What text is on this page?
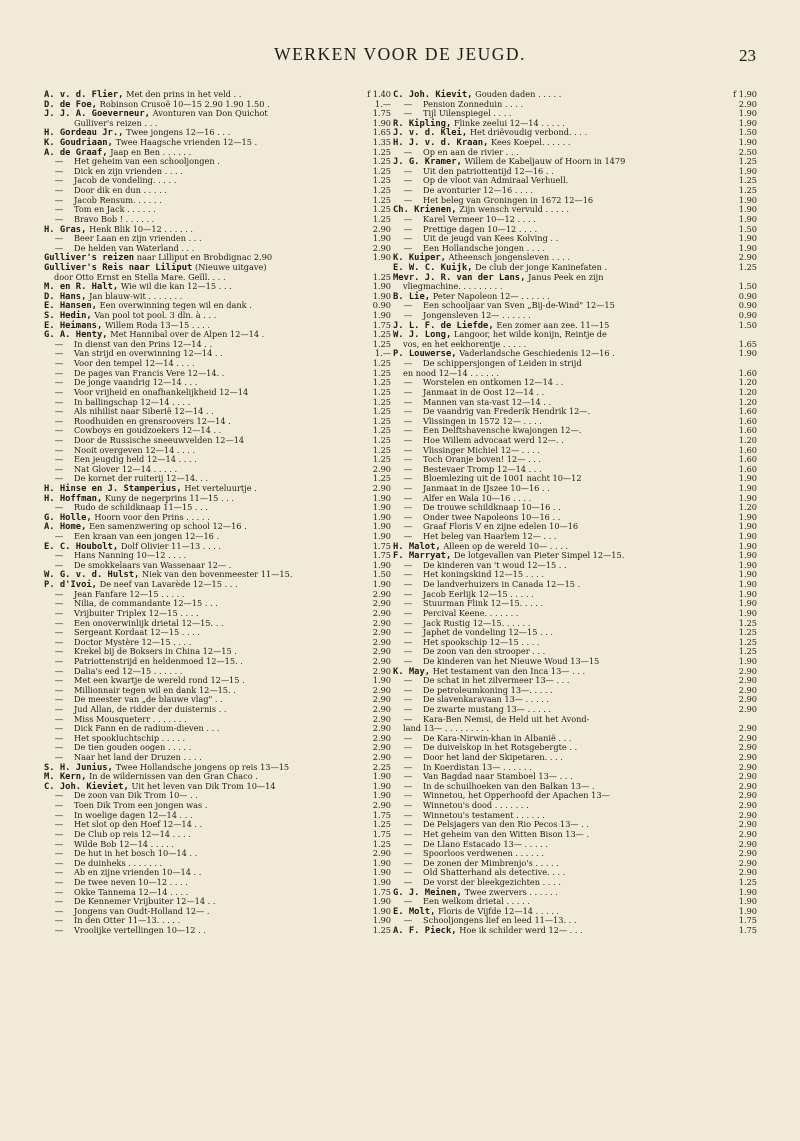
WERKEN VOOR DE JEUGD.	23
A. v. d. Flier, Met den prins in het veld . .	f 1.40
D. de Foe, Robinson Crusoë 10—15 2.90 1.90 1.50 .	1.—
J. J. A. Goeverneur, Avonturen van Don Quichot	1.75
Gulliver's reizen . . .	1.90
H. Gordeau Jr., Twee jongens 12—16 . . .	1.65
K. Goudriaan, Twee Haagsche vrienden 12—15 .	1.35
A. de Graaf, Jaap en Ben . . . . . .	1.25
— Het geheim van een schooljongen .	1.25
— Dick en zijn vrienden . . . .	1.25
— Jacob de vondeling. . . . .	1.25
— Door dik en dun . . . . .	1.25
— Jacob Rensum. . . . . .	1.25
— Tom en Jack . . . . . .	1.25
— Bravo Bob ! . . . . . .	1.25
H. Gras, Henk Blik 10—12 . . . . . .	2.90
— Beer Laan en zijn vrienden . . .	1.90
— De helden van Waterland . . .	2.90
Gulliver's reizen naar Lilliput en Brobdignac 2.90	1.90
Gulliver's Reis naar Liliput (Nieuwe uitgave)
door Otto Ernst en Stella Mare. Geïll. . . .	1.25
M. en R. Halt, Wie wil die kan 12—15 . . .	1.90
D. Hans, Jan blauw-wit . . . . . . .	1.90
E. Hansen, Een overwinning tegen wil en dank .	0.90
S. Hedin, Van pool tot pool. 3 dln. à . . .	1.90
E. Heimans, Willem Roda 13—15 . . . .	1.75
G. A. Henty, Met Hannibal over de Alpen 12—14 .	1.25
— In dienst van den Prins 12—14 . .	1.25
— Van strijd en overwinning 12—14 . .	1.—
— Voor den tempel 12—14 . . . .	1.25
— De pages van Francis Vere 12—14. .	1.25
— De jonge vaandrig 12—14 . . .	1.25
— Voor vrijheid en onafhankelijkheid 12—14	1.25
— In ballingschap 12—14 . . . .	1.25
— Als nihilist naar Siberië 12—14 . .	1.25
— Roodhuiden en grensroovers 12—14 .	1.25
— Cowboys en goudzoekers 12—14 . .	1.25
— Door de Russische sneeuwvelden 12—14	1.25
— Nooit overgeven 12—14 . . . .	1.25
— Een jeugdig held 12—14 . . . .	1.25
— Nat Glover 12—14 . . . . .	2.90
— De kornet der ruiterij 12—14. . .	1.25
H. Hinse en J. Stamperius, Het verteluurtje .	2.90
H. Hoffman, Kuny de negerprins 11—15 . . .	1.90
— Rudo de schildknaap 11—15 . . .	1.90
G. Holle, Hoorn voor den Prins . . . . .	1.90
A. Home, Een samenzwering op school 12—16 .	1.90
— Een kraan van een jongen 12—16 .	1.90
E. C. Houbolt, Dolf Olivier 11—13 . . . .	1.75
— Hans Nanning 10—12 . . . .	1.75
— De smokkelaars van Wassenaar 12— .	1.90
W. G. v. d. Hulst, Niek van den bovenmeester 11—15.	1.50
P. d'Ivoi, De neef van Lavarède 12—15 . . .	1.90
— Jean Fanfare 12—15 . . . . .	2.90
— Nilia, de commandante 12—15 . . .	2.90
— Vrijbuiter Triplex 12—15 . . . .	2.90
— Een onoverwinlijk drietal 12—15. . .	2.90
— Sergeant Kordaat 12—15 . . . .	2.90
— Doctor Mystère 12—15 . . . .	2.90
— Krekel bij de Boksers in China 12—15 .	2.90
— Patriottenstrijd en heldenmoed 12—15. .	2.90
— Dalia's eed 12—15 . . . . . .	2.90
— Met een kwartje de wereld rond 12—15 .	1.90
— Millionnair tegen wil en dank 12—15. .	2.90
— De meester van „de blauwe vlag" . .	2.90
— Jud Allan, de ridder der duisternis . .	2.90
— Miss Mousqueterr . . . . . . .	2.90
— Dick Fann en de radium-dieven . . .	2.90
— Het spookluchtschip . . . . .	2.90
— De tien gouden oogen . . . . .	2.90
— Naar het land der Druzen . . . .	2.90
S. H. Junius, Twee Hollandsche jongens op reis 13—15	2.25
M. Kern, In de wildernissen van den Gran Chaco .	1.90
C. Joh. Kieviet, Uit het leven van Dik Trom 10—14	1.90
— De zoon van Dik Trom 10— . .	1.90
— Toen Dik Trom een jongen was .	2.90
— In woelige dagen 12—14 . . .	1.75
— Het slot op den Hoef 12—14 . .	1.25
— De Club op reis 12—14 . . . .	1.75
— Wilde Bob 12—14 . . . . .	1.25
— De hut in het bosch 10—14 . .	2.90
— De duinheks . . . . . . .	1.90
— Ab en zijne vrienden 10—14 . .	1.90
— De twee neven 10—12 . . . .	1.90
— Okke Tannema 12—14 . . . .	1.75
— De Kennemer Vrijbuiter 12—14 . .	1.90
— Jongens van Oudt-Holland 12— .	1.90
— In den Otter 11—13. . . . .	1.90
— Vroolijke vertellingen 10—12 . .	1.25
C. Joh. Kievit, Gouden daden . . . . .	f 1.90
— Pension Zonneduin . . . .	2.90
— Tijl Uilenspiegel . . . .	1.90
R. Kipling, Flinke zeelui 12—14 . . . . .	1.90
J. v. d. Klei, Het driëvoudig verbond. . . .	1.50
H. J. v. d. Kraan, Kees Koepel. . . . . .	1.90
— Op en aan de rivier . . .	2.50
J. G. Kramer, Willem de Kabeljauw of Hoorn in 1479	1.25
— Uit den patriottentijd 12—16 . .	1.90
— Op de vloot van Admiraal Verhuell.	1.25
— De avonturier 12—16 . . . .	1.25
— Het beleg van Groningen in 1672 12—16	1.90
Ch. Krienen, Zijn wensch vervuld . . . . .	1.90
— Karel Vermeer 10—12 . . . .	1.90
— Prettige dagen 10—12 . . . .	1.50
— Uit de jeugd van Kees Kolving . .	1.90
— Een Hollandsche jongen . . . .	1.90
K. Kuiper, Atheensch jongensleven . . . .	2.90
E. W. C. Kuijk, De club der jonge Kaninefaten .	1.25
Mevr. J. R. van der Lans, Janus Peek en zijn
vliegmachine. . . . . . . . .	1.50
B. Lie, Peter Napoleon 12— . . . . . .	0.90
— Een schooljaar van Sven „Bij-de-Wind" 12—15	0.90
— Jongensleven 12— . . . . . .	0.90
J. L. F. de Liefde, Een zomer aan zee. 11—15	1.50
W. J. Long, Langoor, het wilde konijn, Reintje de
vos, en het eekhorentje . . . . .	1.65
P. Louwerse, Vaderlandsche Geschiedenis 12—16 .	1.90
— De schippersjongen of Leiden in strijd
en nood 12—14 . . . . . .	1.60
— Worstelen en ontkomen 12—14 . .	1.20
— Janmaat in de Oost 12—14 . .	1.20
— Mannen van sta-vast 12—14 . .	1.20
— De vaandrig van Frederik Hendrik 12—.	1.60
— Vlissingen in 1572 12— . . . .	1.60
— Een Delftshavensche kwajongen 12—.	1.60
— Hoe Willem advocaat werd 12—. .	1.20
— Vlissinger Michiel 12— . . . .	1.60
— Toch Oranje boven! 12— . . .	1.60
— Bestevaer Tromp 12—14 . . .	1.60
— Bloemlezing uit de 1001 nacht 10—12	1.90
— Janmaat in de IJszee 10—16 . .	1.90
— Alfer en Wala 10—16 . . . .	1.90
— De trouwe schildknaap 10—16 . .	1.20
— Onder twee Napoleons 10—16 . .	1.90
— Graaf Floris V en zijne edelen 10—16	1.90
— Het beleg van Haarlem 12— . . .	1.90
H. Malot, Alleen op de wereld 10— . . . .	1.90
F. Marryat, De lotgevallen van Pieter Simpel 12—15.	1.90
— De kinderen van 't woud 12—15 . .	1.90
— Het koningskind 12—15 . . . .	1.90
— De landverhuizers in Canada 12—15 .	1.90
— Jacob Eerlijk 12—15 . . . . .	1.90
— Stuurman Flink 12—15. . . . .	1.90
— Percival Keene. . . . . . .	1.90
— Jack Rustig 12—15. . . . . .	1.25
— Japhet de vondeling 12—15 . . .	1.25
— Het spookschip 12—15 . . . .	1.25
— De zoon van den strooper . . .	1.25
— De kinderen van het Nieuwe Woud 13—15	1.90
K. May, Het testament van den Inca 13— . . .	2.90
— De schat in het zilvermeer 13— . . .	2.90
— De petroleumkoning 13—. . . . .	2.90
— De slavenkaravaan 13— . . . . .	2.90
— De zwarte mustang 13— . . . . .	2.90
— Kara-Ben Nemsi, de Held uit het Avond-
land 13— . . . . . . . . .	2.90
— De Kara-Nirwin-khan in Albanië . . .	2.90
— De duivelskop in het Rotsgebergte . .	2.90
— Door het land der Skipetaren. . . .	2.90
— In Koerdistan 13— . . . . . .	2.90
— Van Bagdad naar Stamboel 13— . . .	2.90
— In de schuilhoeken van den Balkan 13— .	2.90
— Winnetou, het Opperhoofd der Apachen 13—	2.90
— Winnetou's dood . . . . . . .	2.90
— Winnetou's testament . . . . . .	2.90
— De Pelsjagers van den Rio Pecos 13— . .	2.90
— Het geheim van den Witten Bison 13— .	2.90
— De Llano Estacado 13— . . . . .	2.90
— Spoorloos verdwenen . . . . . .	2.90
— De zonen der Mimbrenjo's . . . . .	2.90
— Old Shatterhand als detective. . . .	2.90
— De vorst der bleekgezichten . . . .	1.25
G. J. Meinen, Twee zwervers . . . . . .	1.90
— Een welkom drietal . . . . .	1.90
E. Molt, Floris de Vijfde 12—14 . . . . .	1.90
— Schooljongens lief en leed 11—13. . .	1.75
A. F. Pieck, Hoe ik schilder werd 12— . . .	1.75
